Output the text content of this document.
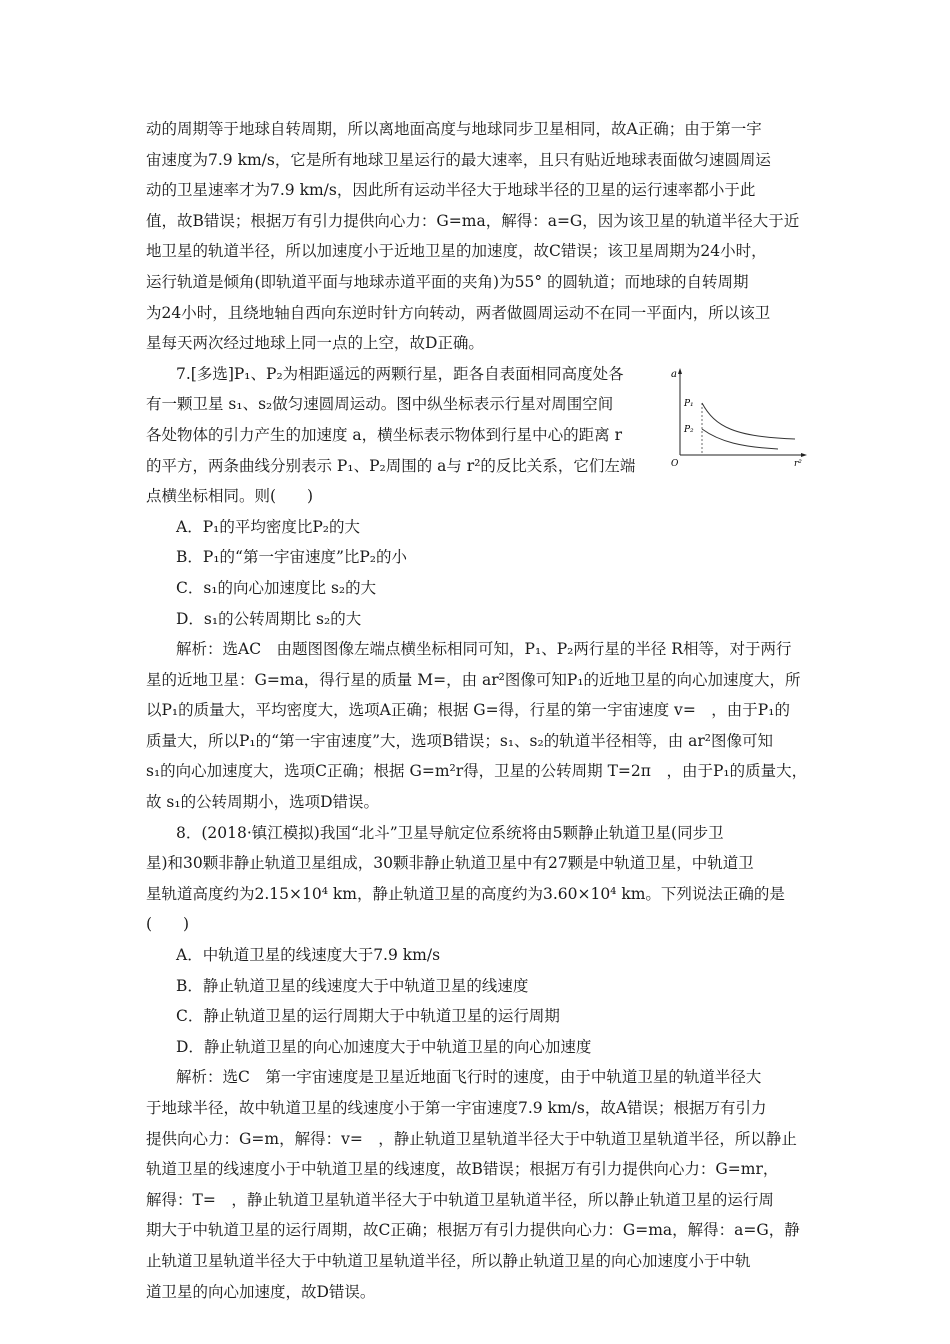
动的周期等于地球自转周期，所以离地面高度与地球同步卫星相同，故A正确；由于第一宇

宙速度为7.9 km/s，它是所有地球卫星运行的最大速率，且只有贴近地球表面做匀速圆周运

动的卫星速率才为7.9 km/s，因此所有运动半径大于地球半径的卫星的运行速率都小于此

值，故B错误；根据万有引力提供向心力：G=ma，解得：a=G，因为该卫星的轨道半径大于近

地卫星的轨道半径，所以加速度小于近地卫星的加速度，故C错误；该卫星周期为24小时，

运行轨道是倾角(即轨道平面与地球赤道平面的夹角)为55° 的圆轨道；而地球的自转周期

为24小时，且绕地轴自西向东逆时针方向转动，两者做圆周运动不在同一平面内，所以该卫

星每天两次经过地球上同一点的上空，故D正确。

7.[多选]P₁、P₂为相距遥远的两颗行星，距各自表面相同高度处各

有一颗卫星 s₁、s₂做匀速圆周运动。图中纵坐标表示行星对周围空间

各处物体的引力产生的加速度 a，横坐标表示物体到行星中心的距离 r

的平方，两条曲线分别表示 P₁、P₂周围的 a与 r²的反比关系，它们左端

点横坐标相同。则(　　)

a
r²
O
P₁
P₂

A．P₁的平均密度比P₂的大

B．P₁的“第一宇宙速度”比P₂的小

C．s₁的向心加速度比 s₂的大

D．s₁的公转周期比 s₂的大

解析：选AC　由题图图像左端点横坐标相同可知，P₁、P₂两行星的半径 R相等，对于两行

星的近地卫星：G=ma，得行星的质量 M=，由 ar²图像可知P₁的近地卫星的向心加速度大，所

以P₁的质量大，平均密度大，选项A正确；根据 G=得，行星的第一宇宙速度 v=　，由于P₁的

质量大，所以P₁的“第一宇宙速度”大，选项B错误；s₁、s₂的轨道半径相等，由 ar²图像可知

s₁的向心加速度大，选项C正确；根据 G=m²r得，卫星的公转周期 T=2π　，由于P₁的质量大，

故 s₁的公转周期小，选项D错误。

8．(2018·镇江模拟)我国“北斗”卫星导航定位系统将由5颗静止轨道卫星(同步卫

星)和30颗非静止轨道卫星组成，30颗非静止轨道卫星中有27颗是中轨道卫星，中轨道卫

星轨道高度约为2.15×10⁴ km，静止轨道卫星的高度约为3.60×10⁴ km。下列说法正确的是

(　　)

A．中轨道卫星的线速度大于7.9 km/s

B．静止轨道卫星的线速度大于中轨道卫星的线速度

C．静止轨道卫星的运行周期大于中轨道卫星的运行周期

D．静止轨道卫星的向心加速度大于中轨道卫星的向心加速度

解析：选C　第一宇宙速度是卫星近地面飞行时的速度，由于中轨道卫星的轨道半径大

于地球半径，故中轨道卫星的线速度小于第一宇宙速度7.9 km/s，故A错误；根据万有引力

提供向心力：G=m，解得：v=　，静止轨道卫星轨道半径大于中轨道卫星轨道半径，所以静止

轨道卫星的线速度小于中轨道卫星的线速度，故B错误；根据万有引力提供向心力：G=mr，

解得：T=　，静止轨道卫星轨道半径大于中轨道卫星轨道半径，所以静止轨道卫星的运行周

期大于中轨道卫星的运行周期，故C正确；根据万有引力提供向心力：G=ma，解得：a=G，静

止轨道卫星轨道半径大于中轨道卫星轨道半径，所以静止轨道卫星的向心加速度小于中轨

道卫星的向心加速度，故D错误。
